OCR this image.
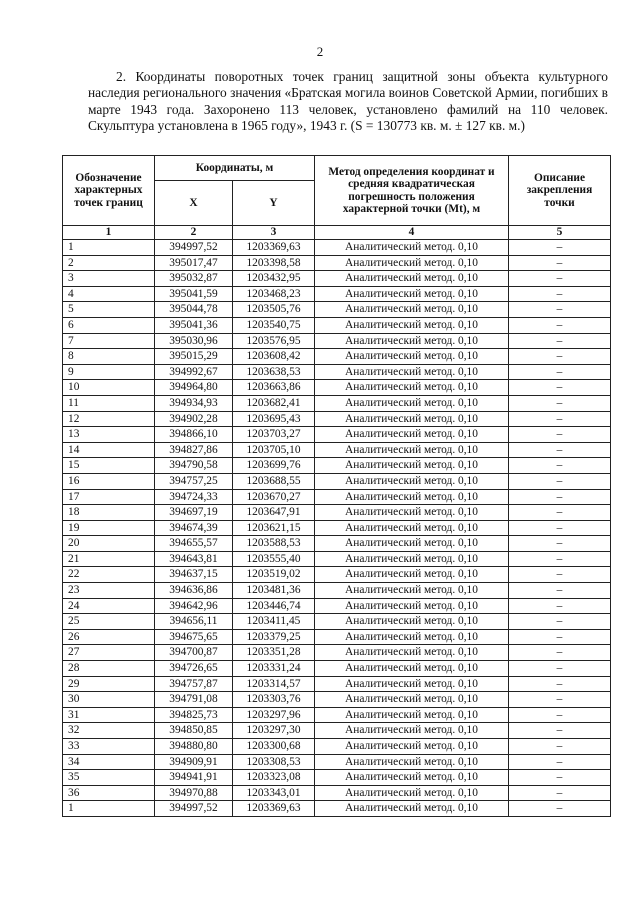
2

2. Координаты поворотных точек границ защитной зоны объекта культурного наследия регионального значения «Братская могила воинов Советской Армии, погибших в марте 1943 года. Захоронено 113 человек, установлено фамилий на 110 человек. Скульптура установлена в 1965 году», 1943 г. (S = 130773 кв. м. ± 127 кв. м.)

Обозначение характерных точек границ	Координаты, м		Метод определения координат и средняя квадратическая погрешность положения характерной точки (Mt), м	Описание закрепления точки
	X	Y		
1	2	3	4	5
1	394997,52	1203369,63	Аналитический метод. 0,10	–
2	395017,47	1203398,58	Аналитический метод. 0,10	–
3	395032,87	1203432,95	Аналитический метод. 0,10	–
4	395041,59	1203468,23	Аналитический метод. 0,10	–
5	395044,78	1203505,76	Аналитический метод. 0,10	–
6	395041,36	1203540,75	Аналитический метод. 0,10	–
7	395030,96	1203576,95	Аналитический метод. 0,10	–
8	395015,29	1203608,42	Аналитический метод. 0,10	–
9	394992,67	1203638,53	Аналитический метод. 0,10	–
10	394964,80	1203663,86	Аналитический метод. 0,10	–
11	394934,93	1203682,41	Аналитический метод. 0,10	–
12	394902,28	1203695,43	Аналитический метод. 0,10	–
13	394866,10	1203703,27	Аналитический метод. 0,10	–
14	394827,86	1203705,10	Аналитический метод. 0,10	–
15	394790,58	1203699,76	Аналитический метод. 0,10	–
16	394757,25	1203688,55	Аналитический метод. 0,10	–
17	394724,33	1203670,27	Аналитический метод. 0,10	–
18	394697,19	1203647,91	Аналитический метод. 0,10	–
19	394674,39	1203621,15	Аналитический метод. 0,10	–
20	394655,57	1203588,53	Аналитический метод. 0,10	–
21	394643,81	1203555,40	Аналитический метод. 0,10	–
22	394637,15	1203519,02	Аналитический метод. 0,10	–
23	394636,86	1203481,36	Аналитический метод. 0,10	–
24	394642,96	1203446,74	Аналитический метод. 0,10	–
25	394656,11	1203411,45	Аналитический метод. 0,10	–
26	394675,65	1203379,25	Аналитический метод. 0,10	–
27	394700,87	1203351,28	Аналитический метод. 0,10	–
28	394726,65	1203331,24	Аналитический метод. 0,10	–
29	394757,87	1203314,57	Аналитический метод. 0,10	–
30	394791,08	1203303,76	Аналитический метод. 0,10	–
31	394825,73	1203297,96	Аналитический метод. 0,10	–
32	394850,85	1203297,30	Аналитический метод. 0,10	–
33	394880,80	1203300,68	Аналитический метод. 0,10	–
34	394909,91	1203308,53	Аналитический метод. 0,10	–
35	394941,91	1203323,08	Аналитический метод. 0,10	–
36	394970,88	1203343,01	Аналитический метод. 0,10	–
1	394997,52	1203369,63	Аналитический метод. 0,10	–
